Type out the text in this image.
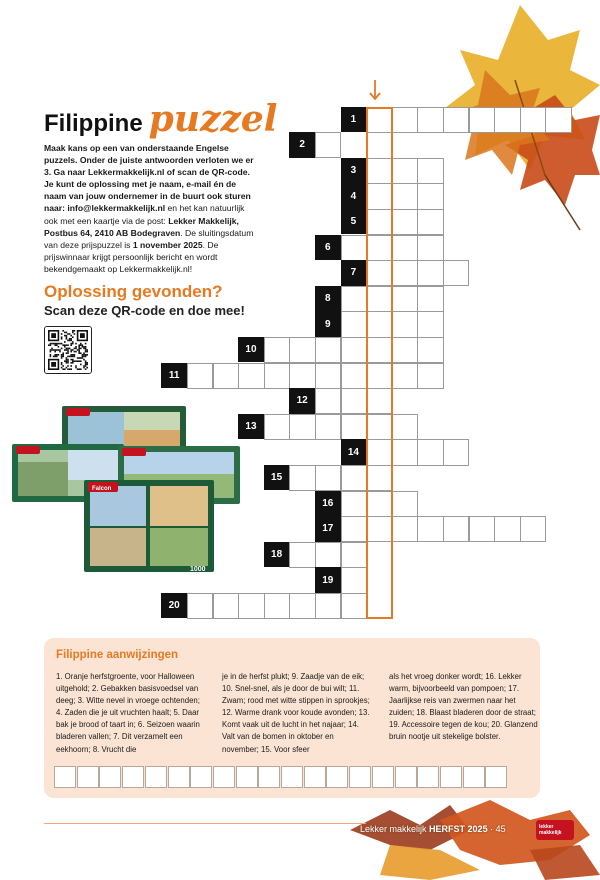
Filippine puzzel

Maak kans op een van onderstaande Engelse puzzels. Onder de juiste antwoorden verloten we er 3. Ga naar Lekkermakkelijk.nl of scan de QR-code. Je kunt de oplossing met je naam, e-mail én de naam van jouw ondernemer in de buurt ook sturen naar: info@lekkermakkelijk.nl en het kan natuurlijk ook met een kaartje via de post: Lekker Makkelijk, Postbus 64, 2410 AB Bodegraven. De sluitingsdatum van deze prijspuzzel is 1 november 2025. De prijswinnaar krijgt persoonlijk bericht en wordt bekendgemaakt op Lekkermakkelijk.nl!

Oplossing gevonden?

Scan deze QR-code en doe mee!

Falcon
1000
1
2
3
4
5
6
7
8
9
10
11
12
13
14
15
16
17
18
19
20

Filippine aanwijzingen

1. Oranje herfstgroente, voor Halloween uitgehold; 2. Gebakken basisvoedsel van deeg; 3. Witte nevel in vroege ochtenden; 4. Zaden die je uit vruchten haalt; 5. Daar bak je brood of taart in; 6. Seizoen waarin bladeren vallen; 7. Dit verzamelt een eekhoorn; 8. Vrucht die

je in de herfst plukt; 9. Zaadje van de eik; 10. Snel-snel, als je door de bui wilt; 11. Zwam; rood met witte stippen in sprookjes; 12. Warme drank voor koude avonden; 13. Komt vaak uit de lucht in het najaar; 14. Valt van de bomen in oktober en november; 15. Voor sfeer

als het vroeg donker wordt; 16. Lekker warm, bijvoorbeeld van pompoen; 17. Jaarlijkse reis van zwermen naar het zuiden; 18. Blaast bladeren door de straat; 19. Accessoire tegen de kou; 20. Glanzend bruin nootje uit stekelige bolster.

Lekker makkelijk HERFST 2025 · 45	lekker
makkelijk
